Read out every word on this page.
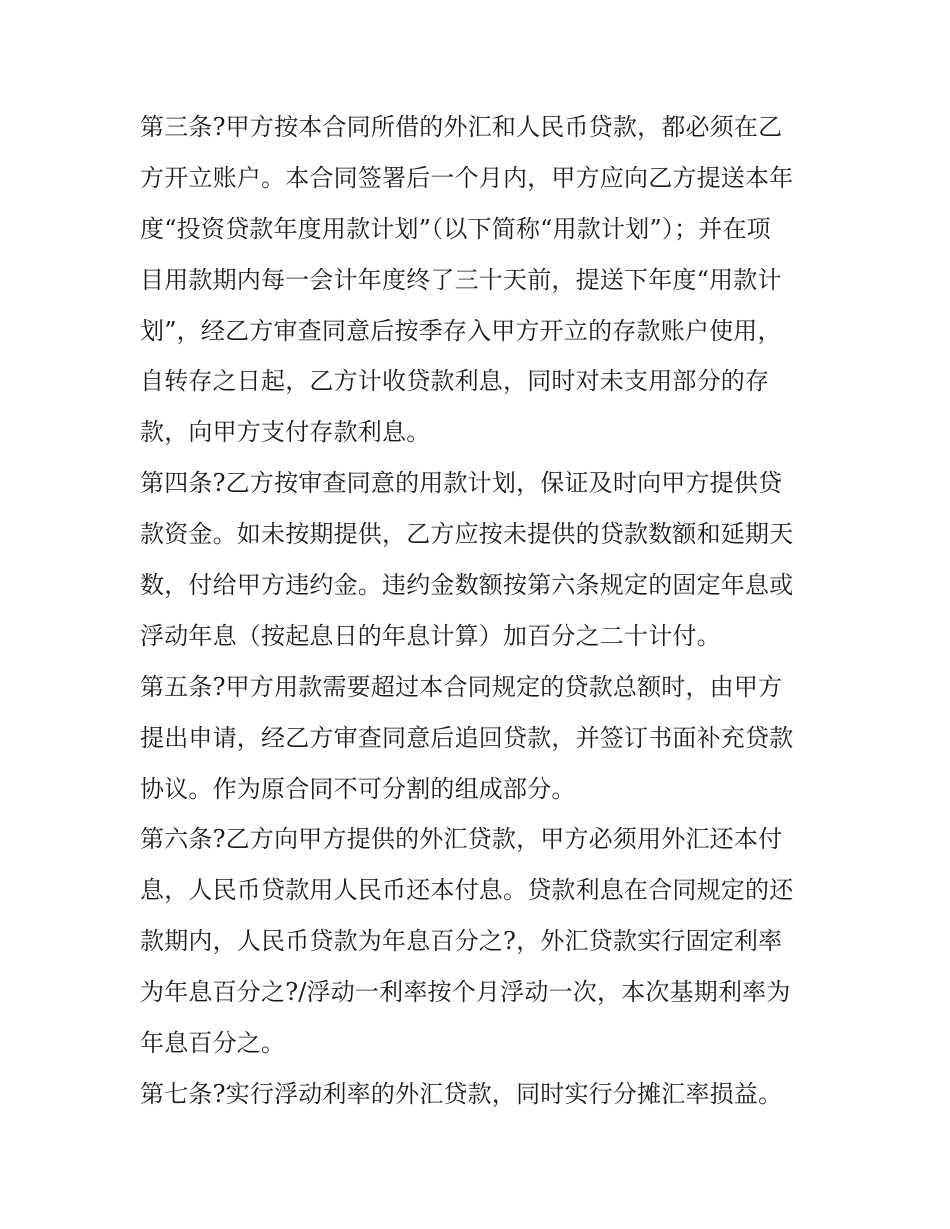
第三条?甲方按本合同所借的外汇和人民币贷款，都必须在乙
方开立账户。本合同签署后一个月内，甲方应向乙方提送本年
度“投资贷款年度用款计划”（以下简称“用款计划”）；并在项
目用款期内每一会计年度终了三十天前，提送下年度“用款计
划”，经乙方审查同意后按季存入甲方开立的存款账户使用，
自转存之日起，乙方计收贷款利息，同时对未支用部分的存
款，向甲方支付存款利息。
第四条?乙方按审查同意的用款计划，保证及时向甲方提供贷
款资金。如未按期提供，乙方应按未提供的贷款数额和延期天
数，付给甲方违约金。违约金数额按第六条规定的固定年息或
浮动年息（按起息日的年息计算）加百分之二十计付。
第五条?甲方用款需要超过本合同规定的贷款总额时，由甲方
提出申请，经乙方审查同意后追回贷款，并签订书面补充贷款
协议。作为原合同不可分割的组成部分。
第六条?乙方向甲方提供的外汇贷款，甲方必须用外汇还本付
息，人民币贷款用人民币还本付息。贷款利息在合同规定的还
款期内，人民币贷款为年息百分之?，外汇贷款实行固定利率
为年息百分之?/浮动一利率按个月浮动一次，本次基期利率为
年息百分之。
第七条?实行浮动利率的外汇贷款，同时实行分摊汇率损益。
